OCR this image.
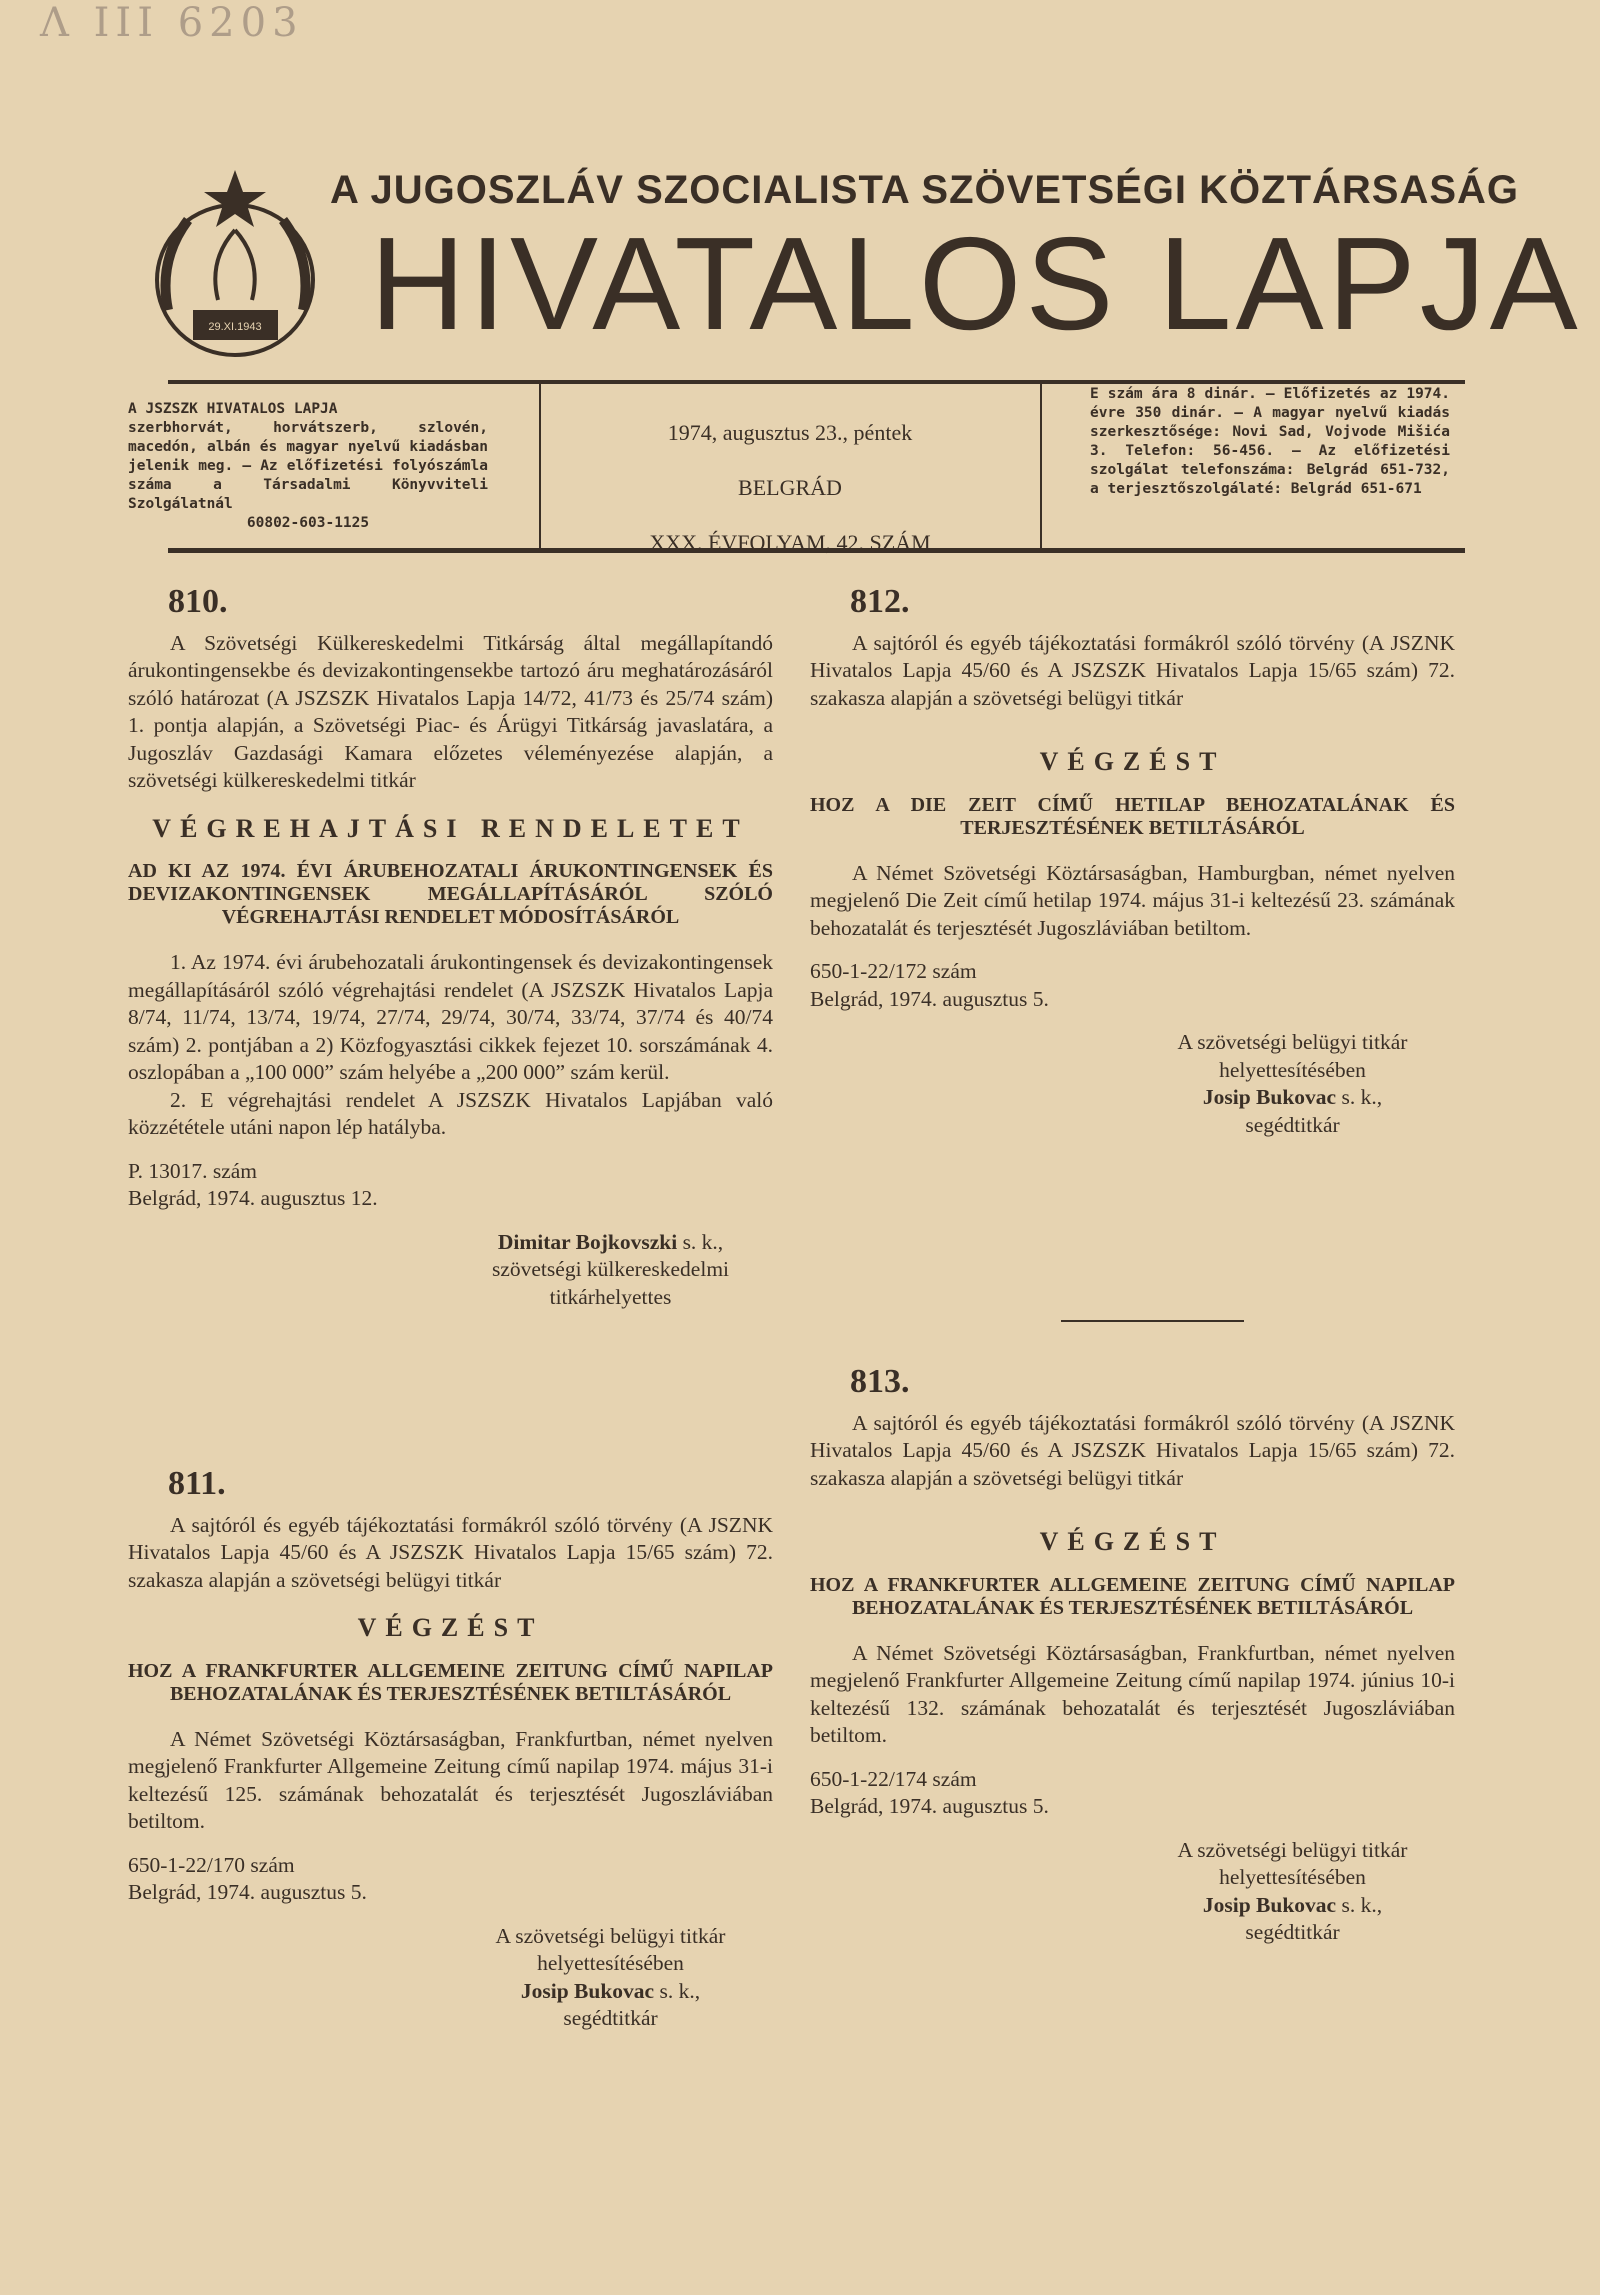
Λ III 6203
29.XI.1943
A JUGOSZLÁV SZOCIALISTA SZÖVETSÉGI KÖZTÁRSASÁG
HIVATALOS LAPJA
A JSZSZK HIVATALOS LAPJA
szerbhorvát, horvátszerb, szlovén, macedón, albán és magyar nyelvű kiadásban jelenik meg. — Az előfizetési folyószámla száma a Társadalmi Könyvviteli Szolgálatnál
60802-603-1125
1974, augusztus 23., péntek
BELGRÁD
XXX. ÉVFOLYAM, 42. SZÁM
E szám ára 8 dinár. — Előfizetés az 1974. évre 350 dinár. — A magyar nyelvű kiadás szerkesztősége: Novi Sad, Vojvode Mišića 3. Telefon: 56-456. — Az előfizetési szolgálat telefonszáma: Belgrád 651-732, a terjesztőszolgálaté: Belgrád 651-671
810.

A Szövetségi Külkereskedelmi Titkárság által megállapítandó árukontingensekbe és devizakontingensekbe tartozó áru meghatározásáról szóló határozat (A JSZSZK Hivatalos Lapja 14/72, 41/73 és 25/74 szám) 1. pontja alapján, a Szövetségi Piac- és Árügyi Titkárság javaslatára, a Jugoszláv Gazdasági Kamara előzetes véleményezése alapján, a szövetségi külkereskedelmi titkár

VÉGREHAJTÁSI RENDELETET
AD KI AZ 1974. ÉVI ÁRUBEHOZATALI ÁRUKONTINGENSEK ÉS DEVIZAKONTINGENSEK MEGÁLLAPÍTÁSÁRÓL SZÓLÓ VÉGREHAJTÁSI RENDELET MÓDOSÍTÁSÁRÓL

1. Az 1974. évi árubehozatali árukontingensek és devizakontingensek megállapításáról szóló végrehajtási rendelet (A JSZSZK Hivatalos Lapja 8/74, 11/74, 13/74, 19/74, 27/74, 29/74, 30/74, 33/74, 37/74 és 40/74 szám) 2. pontjában a 2) Közfogyasztási cikkek fejezet 10. sorszámának 4. oszlopában a „100 000” szám helyébe a „200 000” szám kerül.

2. E végrehajtási rendelet A JSZSZK Hivatalos Lapjában való közzététele utáni napon lép hatályba.

P. 13017. szám

Belgrád, 1974. augusztus 12.

Dimitar Bojkovszki s. k.,
szövetségi külkereskedelmi
titkárhelyettes
811.

A sajtóról és egyéb tájékoztatási formákról szóló törvény (A JSZNK Hivatalos Lapja 45/60 és A JSZSZK Hivatalos Lapja 15/65 szám) 72. szakasza alapján a szövetségi belügyi titkár

VÉGZÉST
HOZ A FRANKFURTER ALLGEMEINE ZEITUNG CÍMŰ NAPILAP BEHOZATALÁNAK ÉS TERJESZTÉSÉNEK BETILTÁSÁRÓL

A Német Szövetségi Köztársaságban, Frankfurtban, német nyelven megjelenő Frankfurter Allgemeine Zeitung című napilap 1974. május 31-i keltezésű 125. számának behozatalát és terjesztését Jugoszláviában betiltom.

650-1-22/170 szám

Belgrád, 1974. augusztus 5.

A szövetségi belügyi titkár
helyettesítésében
Josip Bukovac s. k.,
segédtitkár
812.

A sajtóról és egyéb tájékoztatási formákról szóló törvény (A JSZNK Hivatalos Lapja 45/60 és A JSZSZK Hivatalos Lapja 15/65 szám) 72. szakasza alapján a szövetségi belügyi titkár

VÉGZÉST
HOZ A DIE ZEIT CÍMŰ HETILAP BEHOZATALÁNAK ÉS TERJESZTÉSÉNEK BETILTÁSÁRÓL

A Német Szövetségi Köztársaságban, Hamburgban, német nyelven megjelenő Die Zeit című hetilap 1974. május 31-i keltezésű 23. számának behozatalát és terjesztését Jugoszláviában betiltom.

650-1-22/172 szám

Belgrád, 1974. augusztus 5.

A szövetségi belügyi titkár
helyettesítésében
Josip Bukovac s. k.,
segédtitkár
813.

A sajtóról és egyéb tájékoztatási formákról szóló törvény (A JSZNK Hivatalos Lapja 45/60 és A JSZSZK Hivatalos Lapja 15/65 szám) 72. szakasza alapján a szövetségi belügyi titkár

VÉGZÉST
HOZ A FRANKFURTER ALLGEMEINE ZEITUNG CÍMŰ NAPILAP BEHOZATALÁNAK ÉS TERJESZTÉSÉNEK BETILTÁSÁRÓL

A Német Szövetségi Köztársaságban, Frankfurtban, német nyelven megjelenő Frankfurter Allgemeine Zeitung című napilap 1974. június 10-i keltezésű 132. számának behozatalát és terjesztését Jugoszláviában betiltom.

650-1-22/174 szám

Belgrád, 1974. augusztus 5.

A szövetségi belügyi titkár
helyettesítésében
Josip Bukovac s. k.,
segédtitkár
